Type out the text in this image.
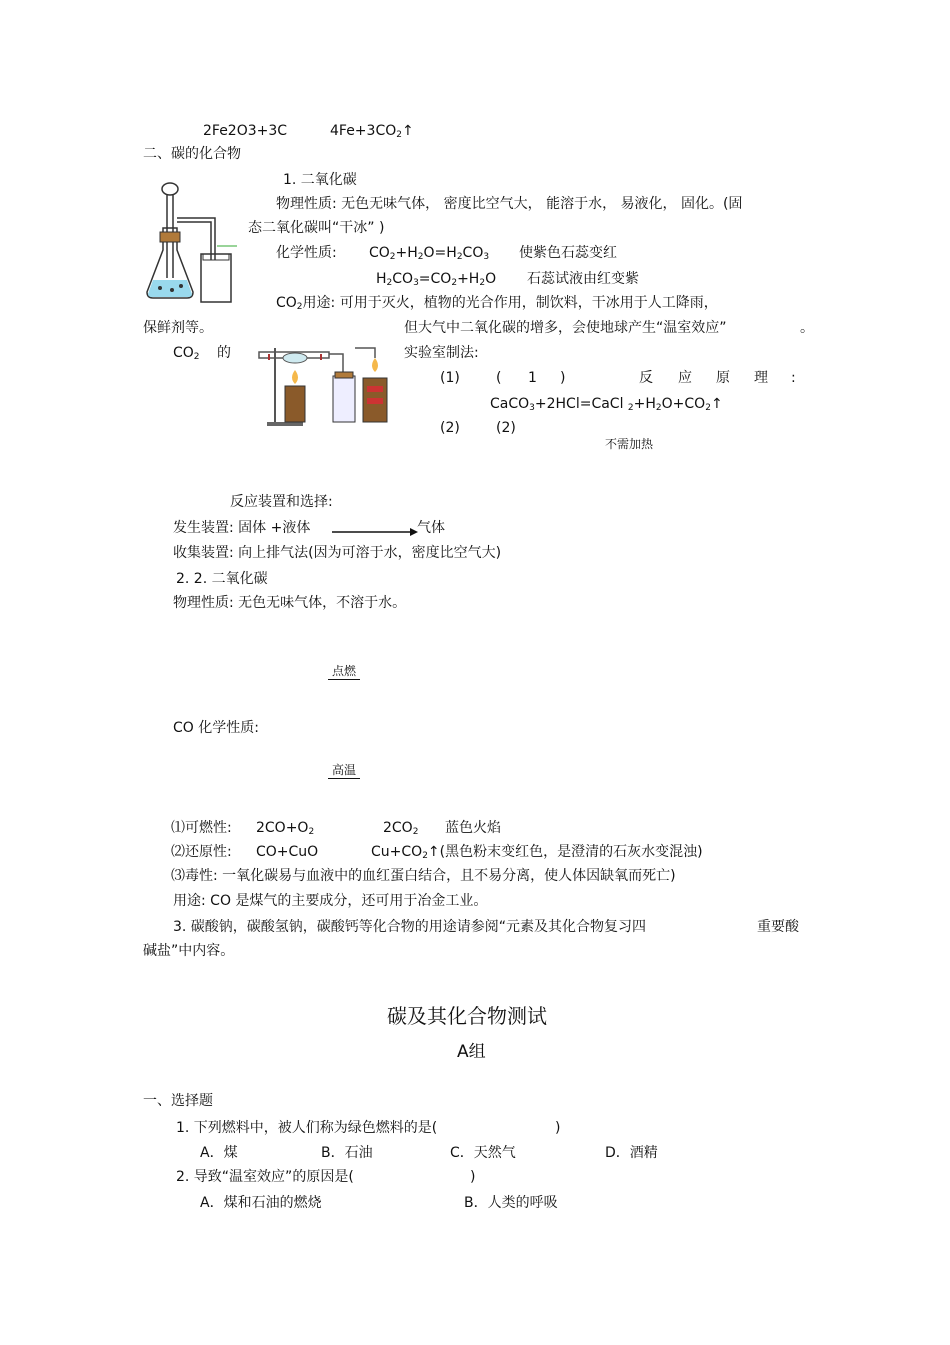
2Fe2O3+3C	$4Fe+3CO_2↑$
二、碳的化合物
1. 二氧化碳
物理性质: 无色无味气体， 密度比空气大， 能溶于水， 易液化， 固化。(固
态二氧化碳叫“干冰” )
化学性质: $CO_2+H_2O=H_2CO_3$ 使紫色石蕊变红
$H_2CO_3=CO_2+H_2O$ 石蕊试液由红变紫
$CO_2$用途: 可用于灭火，植物的光合作用，制饮料，干冰用于人工降雨，
保鲜剂等。	但大气中二氧化碳的增多，会使地球产生“温室效应”	。
$CO_2$ 的	实验室制法:
(1)	( 1 )	反 应 原 理 :
CaCO$_3$+2HCl=CaCl $_2+H_2O+CO_2↑$
(2)	(2)
不需加热
反应装置和选择:
发生装置: 固体 +液体	气体
收集装置: 向上排气法(因为可溶于水，密度比空气大)
2. 2. 二氧化碳
物理性质: 无色无味气体，不溶于水。
点燃
CO 化学性质:
高温
⑴可燃性: $2CO+O_2$	$2CO_2$ 蓝色火焰
⑵还原性: CO+CuO	$Cu+CO_2↑$(黑色粉末变红色，是澄清的石灰水变混浊)
⑶毒性: 一氧化碳易与血液中的血红蛋白结合，且不易分离，使人体因缺氧而死亡)
用途: CO 是煤气的主要成分，还可用于冶金工业。
3. 碳酸钠，碳酸氢钠，碳酸钙等化合物的用途请参阅“元素及其化合物复习四	重要酸
碱盐”中内容。
碳及其化合物测试
A组
一、选择题
1. 下列燃料中，被人们称为绿色燃料的是(	)
A．煤	B．石油	C．天然气	D．酒精
2. 导致“温室效应”的原因是(	)
A．煤和石油的燃烧	B．人类的呼吸
